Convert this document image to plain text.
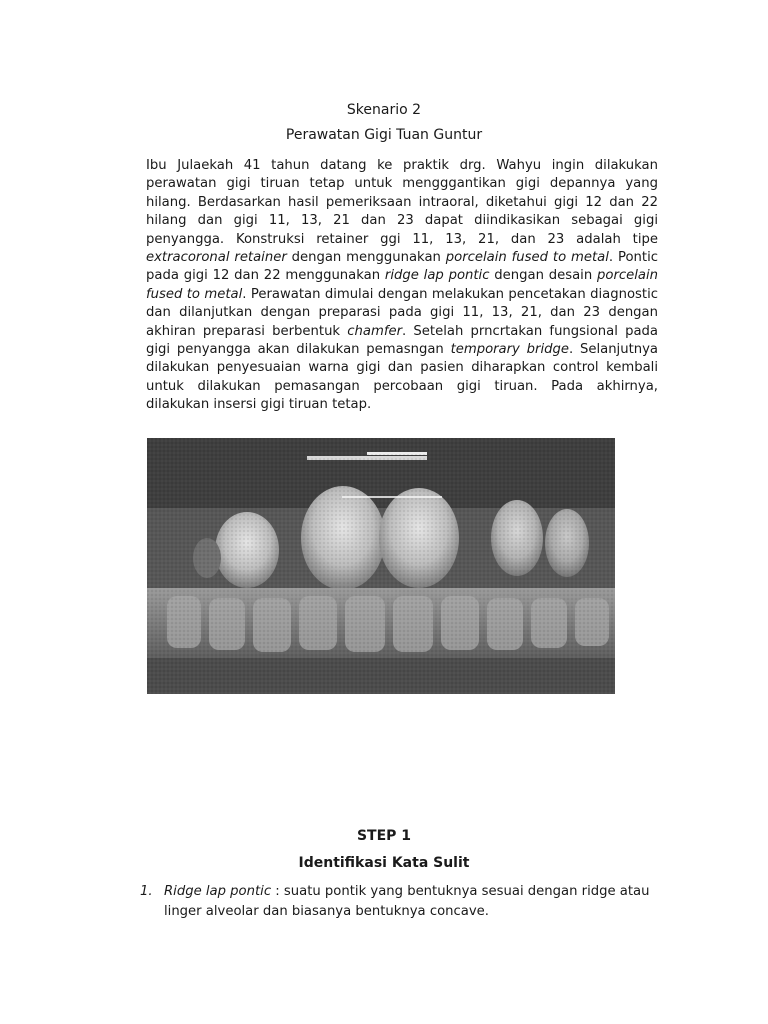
Skenario 2
Perawatan Gigi Tuan Guntur

Ibu Julaekah 41 tahun datang ke praktik drg. Wahyu ingin dilakukan perawatan gigi tiruan tetap untuk mengggantikan gigi depannya yang hilang. Berdasarkan hasil pemeriksaan intraoral, diketahui gigi 12 dan 22 hilang dan gigi 11, 13, 21 dan 23 dapat diindikasikan sebagai gigi penyangga. Konstruksi retainer ggi 11, 13, 21, dan 23 adalah tipe extracoronal retainer dengan menggunakan porcelain fused to metal. Pontic pada gigi 12 dan 22 menggunakan ridge lap pontic dengan desain porcelain fused to metal. Perawatan dimulai dengan melakukan pencetakan diagnostic dan dilanjutkan dengan preparasi pada gigi 11, 13, 21, dan 23 dengan akhiran preparasi berbentuk chamfer. Setelah prncrtakan fungsional pada gigi penyangga akan dilakukan pemasngan temporary bridge. Selanjutnya dilakukan penyesuaian warna gigi dan pasien diharapkan control kembali untuk dilakukan pemasangan percobaan gigi tiruan. Pada akhirnya, dilakukan insersi gigi tiruan tetap.

STEP 1
Identifikasi Kata Sulit
1. Ridge lap pontic : suatu pontik yang bentuknya sesuai dengan ridge atau linger alveolar dan biasanya bentuknya concave.
